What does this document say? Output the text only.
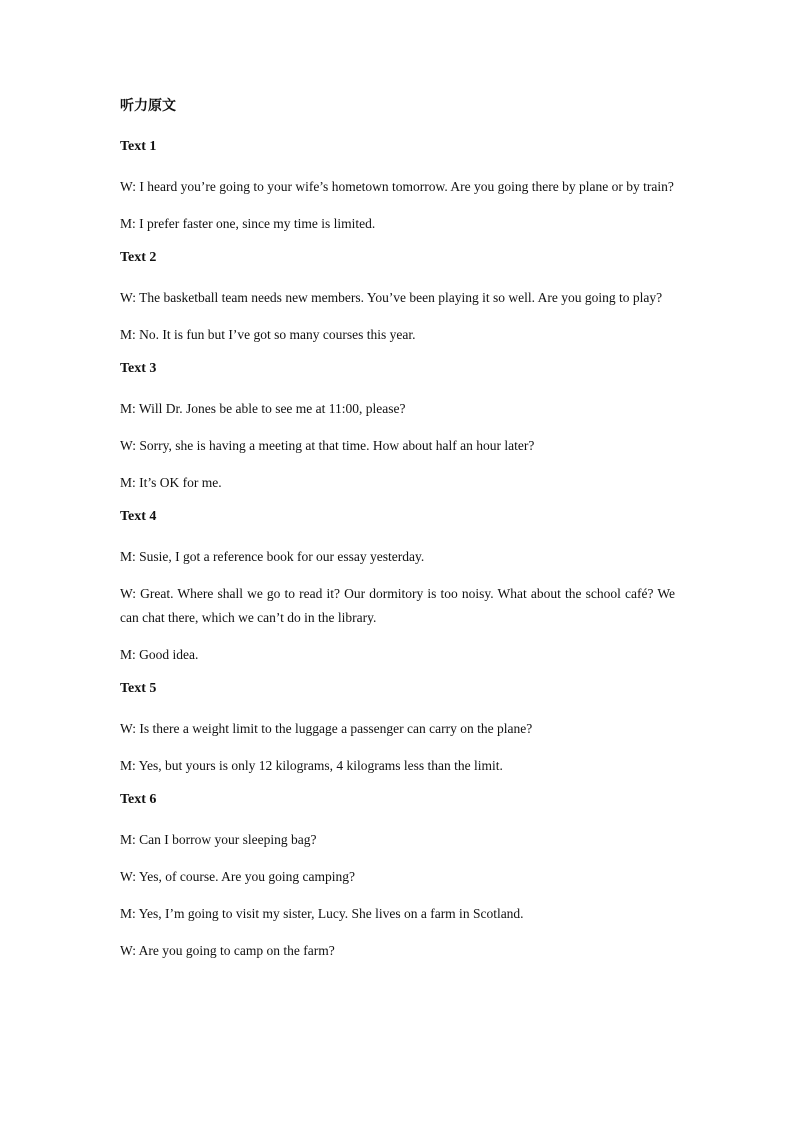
听力原文
Text 1

W: I heard you’re going to your wife’s hometown tomorrow. Are you going there by plane or by train?

M: I prefer faster one, since my time is limited.

Text 2

W: The basketball team needs new members. You’ve been playing it so well. Are you going to play?

M: No. It is fun but I’ve got so many courses this year.

Text 3

M: Will Dr. Jones be able to see me at 11:00, please?

W: Sorry, she is having a meeting at that time. How about half an hour later?

M: It’s OK for me.

Text 4

M: Susie, I got a reference book for our essay yesterday.

W: Great. Where shall we go to read it? Our dormitory is too noisy. What about the school café? We can chat there, which we can’t do in the library.

M: Good idea.

Text 5

W: Is there a weight limit to the luggage a passenger can carry on the plane?

M: Yes, but yours is only 12 kilograms, 4 kilograms less than the limit.

Text 6

M: Can I borrow your sleeping bag?

W: Yes, of course. Are you going camping?

M: Yes, I’m going to visit my sister, Lucy. She lives on a farm in Scotland.

W: Are you going to camp on the farm?
